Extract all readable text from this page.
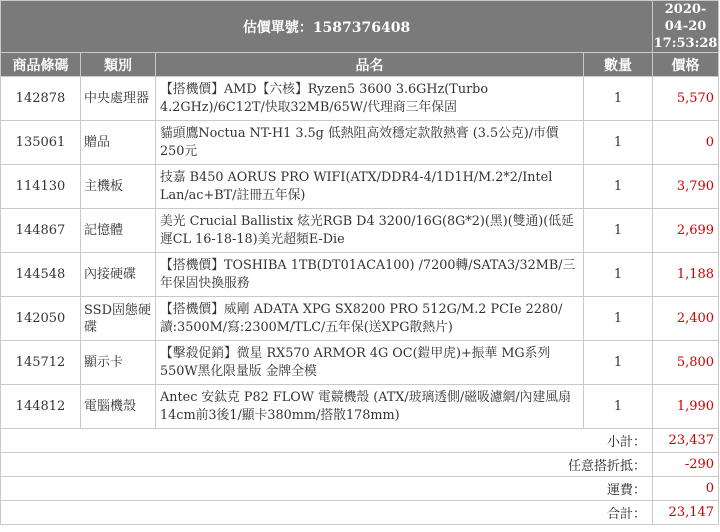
估價單號：1587376408				2020-04-20
17:53:28

商品條碼	類別	品名	數量	價格
142878	中央處理器	【搭機價】AMD【六核】Ryzen5 3600 3.6GHz(Turbo 4.2GHz)/6C12T/快取32MB/65W/代理商三年保固	1	5,570
135061	贈品	貓頭鷹Noctua NT-H1 3.5g 低熱阻高效穩定款散熱膏 (3.5公克)/市價250元	1	0
114130	主機板	技嘉 B450 AORUS PRO WIFI(ATX/DDR4-4/1D1H/M.2*2/Intel Lan/ac+BT/註冊五年保)	1	3,790
144867	記憶體	美光 Crucial Ballistix 炫光RGB D4 3200/16G(8G*2)(黑)(雙通)(低延遲CL 16-18-18)美光超頻E-Die	1	2,699
144548	內接硬碟	【搭機價】TOSHIBA 1TB(DT01ACA100) /7200轉/SATA3/32MB/三年保固快換服務	1	1,188
142050	SSD固態硬碟	【搭機價】威剛 ADATA XPG SX8200 PRO 512G/M.2 PCIe 2280/讀:3500M/寫:2300M/TLC/五年保(送XPG散熱片)	1	2,400
145712	顯示卡	【擊殺促銷】微星 RX570 ARMOR 4G OC(鎧甲虎)+振華 MG系列 550W黑化限量版 金牌全模	1	5,800
144812	電腦機殼	Antec 安鈦克 P82 FLOW 電競機殼 (ATX/玻璃透側/磁吸濾網/內建風扇14cm前3後1/顯卡380mm/搭散178mm)	1	1,990
小計：				23,437
任意搭折抵：				-290
運費：				0
合計：				23,147
